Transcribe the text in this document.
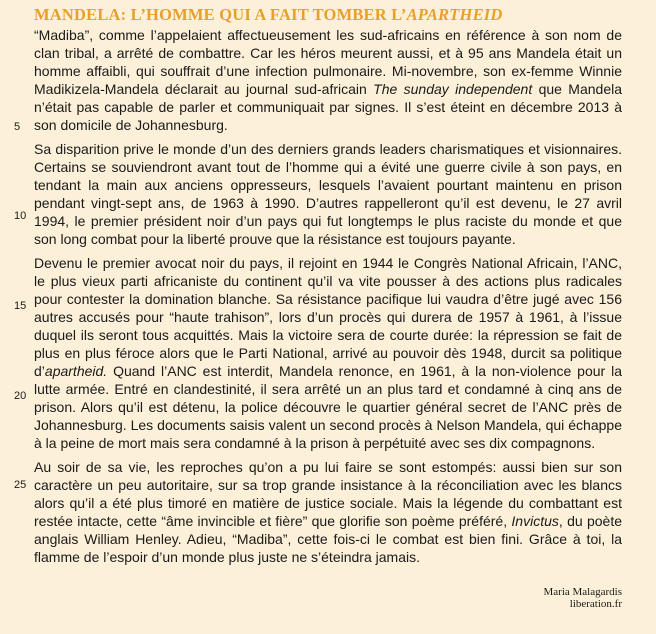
MANDELA: L’HOMME QUI A FAIT TOMBER L’APARTHEID
5
10
15
20
25

“Madiba”, comme l’appelaient affectueusement les sud-africains en référence à son nom de clan tribal, a arrêté de combattre. Car les héros meurent aussi, et à 95 ans Mandela était un homme affaibli, qui souffrait d’une infection pulmonaire. Mi-novembre, son ex-femme Winnie Madikizela-Mandela déclarait au journal sud-africain The sunday independent que Mandela n’était pas capable de parler et communiquait par signes. Il s’est éteint en décembre 2013 à son domicile de Johannesburg.

Sa disparition prive le monde d’un des derniers grands leaders charismatiques et visionnaires. Certains se souviendront avant tout de l’homme qui a évité une guerre civile à son pays, en tendant la main aux anciens oppresseurs, lesquels l’avaient pourtant maintenu en prison pendant vingt-sept ans, de 1963 à 1990. D’autres rappelleront qu’il est devenu, le 27 avril 1994, le premier président noir d’un pays qui fut longtemps le plus raciste du monde et que son long combat pour la liberté prouve que la résistance est toujours payante.

Devenu le premier avocat noir du pays, il rejoint en 1944 le Congrès National Africain, l’ANC, le plus vieux parti africaniste du continent qu’il va vite pousser à des actions plus radicales pour contester la domination blanche. Sa résistance pacifique lui vaudra d’être jugé avec 156 autres accusés pour “haute trahison”, lors d’un procès qui durera de 1957 à 1961, à l’issue duquel ils seront tous acquittés. Mais la victoire sera de courte durée: la répression se fait de plus en plus féroce alors que le Parti National, arrivé au pouvoir dès 1948, durcit sa politique d’apartheid. Quand l’ANC est interdit, Mandela renonce, en 1961, à la non-violence pour la lutte armée. Entré en clandestinité, il sera arrêté un an plus tard et condamné à cinq ans de prison. Alors qu’il est détenu, la police découvre le quartier général secret de l’ANC près de Johannesburg. Les documents saisis valent un second procès à Nelson Mandela, qui échappe à la peine de mort mais sera condamné à la prison à perpétuité avec ses dix compagnons.

Au soir de sa vie, les reproches qu’on a pu lui faire se sont estompés: aussi bien sur son caractère un peu autoritaire, sur sa trop grande insistance à la réconciliation avec les blancs alors qu’il a été plus timoré en matière de justice sociale. Mais la légende du combattant est restée intacte, cette “âme invincible et fière” que glorifie son poème préféré, Invictus, du poète anglais William Henley. Adieu, “Madiba”, cette fois-ci le combat est bien fini. Grâce à toi, la flamme de l’espoir d’un monde plus juste ne s’éteindra jamais.

Maria Malagardis
liberation.fr
